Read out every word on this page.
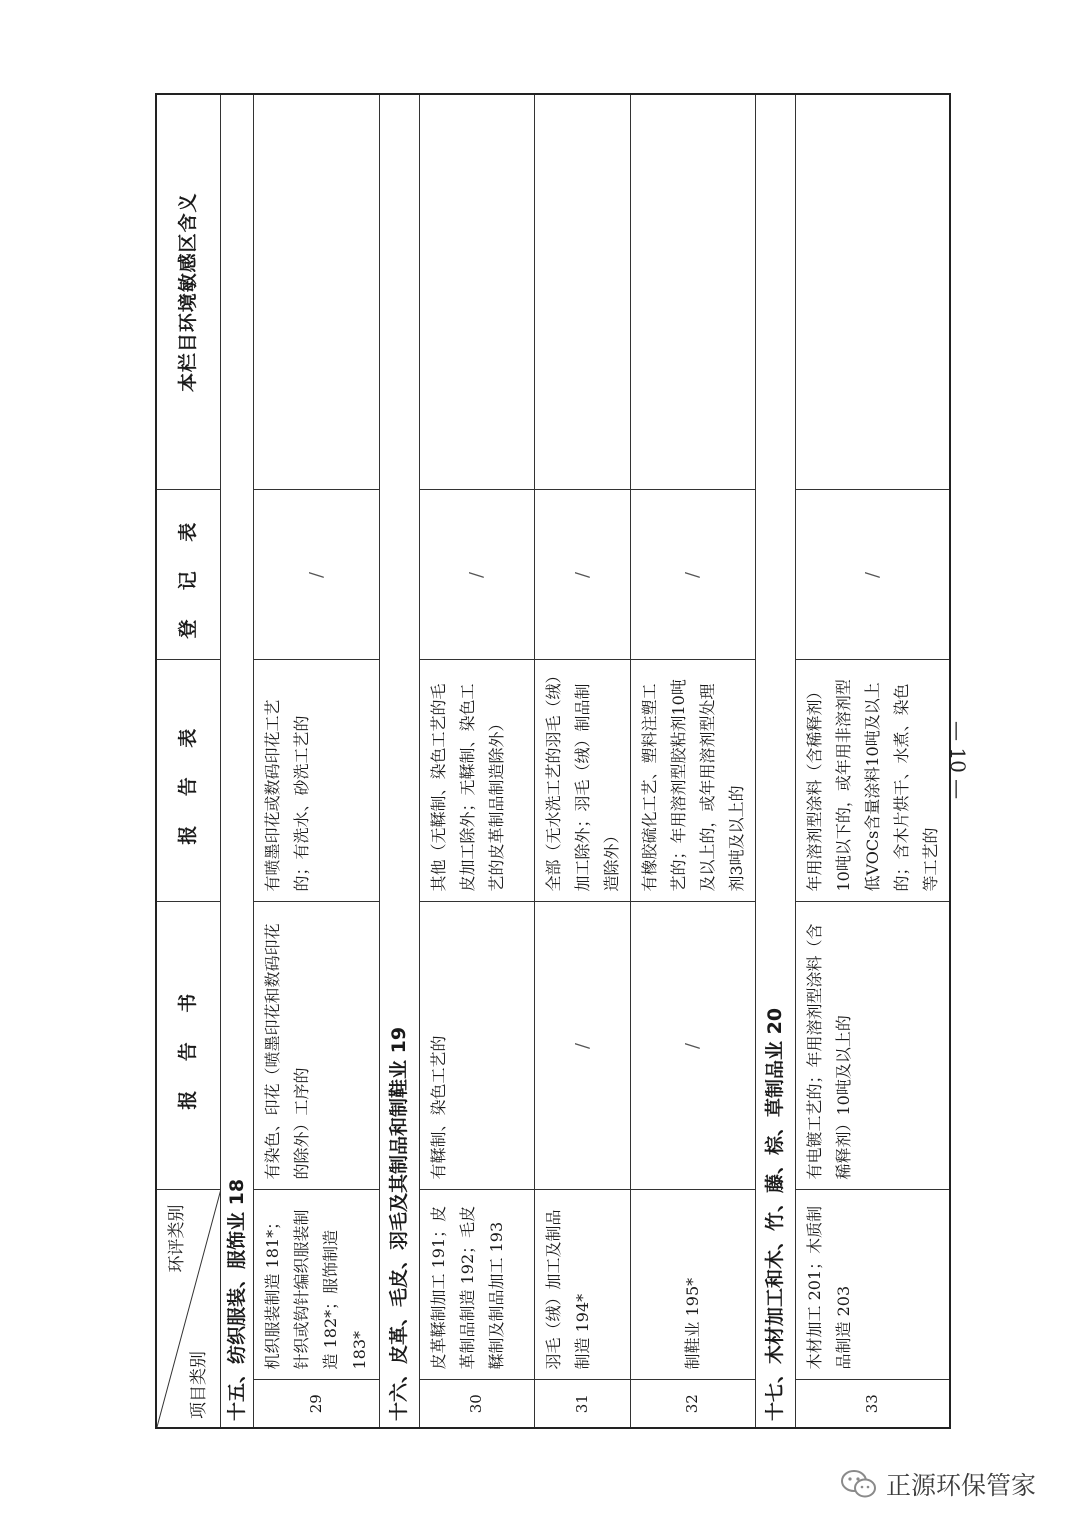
环评类别
项目类别		报 告 书	报 告 表	登 记 表	本栏目环境敏感区含义
十五、纺织服装、服饰业 18					
29	机织服装制造 181*；针织或钩针编织服装制造 182*；服饰制造 183*	有染色、印花（喷墨印花和数码印花的除外）工序的	有喷墨印花或数码印花工艺的；有洗水、砂洗工艺的	/	
十六、皮革、毛皮、羽毛及其制品和制鞋业 19					
30	皮革鞣制加工 191；皮革制品制造 192；毛皮鞣制及制品加工 193	有鞣制、染色工艺的	其他（无鞣制、染色工艺的毛皮加工除外；无鞣制、染色工艺的皮革制品制造除外）	/	
31	羽毛（绒）加工及制品制造 194*	/	全部（无水洗工艺的羽毛（绒）加工除外；羽毛（绒）制品制造除外）	/	
32	制鞋业 195*	/	有橡胶硫化工艺、塑料注塑工艺的；年用溶剂型胶粘剂10吨及以上的，或年用溶剂型处理剂3吨及以上的	/	
十七、木材加工和木、竹、藤、棕、草制品业 20					
33	木材加工 201；木质制品制造 203	有电镀工艺的；年用溶剂型涂料（含稀释剂）10吨及以上的	年用溶剂型涂料（含稀释剂）10吨以下的，或年用非溶剂型低VOCs含量涂料10吨及以上的；含木片烘干、水煮、染色等工艺的	/	
— 10 —
正源环保管家
